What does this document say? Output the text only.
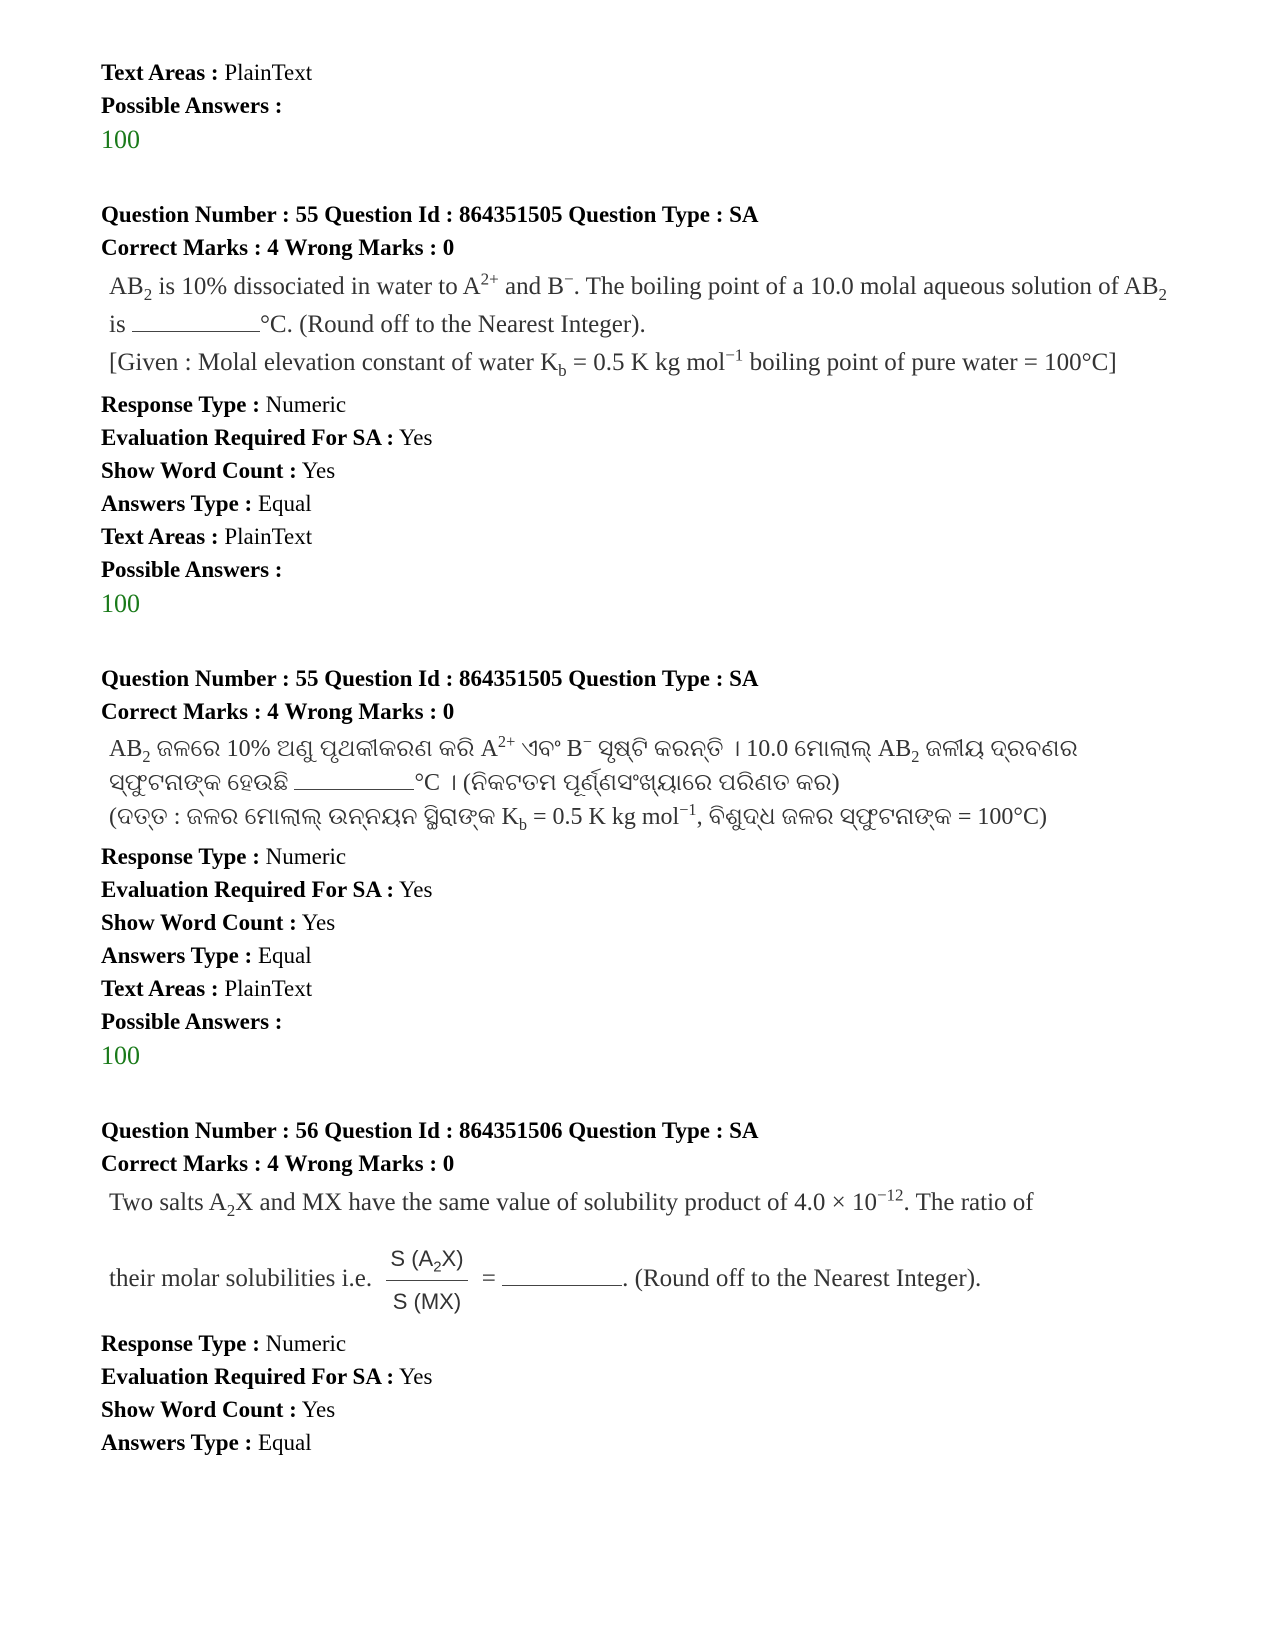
Text Areas : PlainText
Possible Answers :
100
Question Number : 55 Question Id : 864351505 Question Type : SA
Correct Marks : 4 Wrong Marks : 0
$AB_2$ is 10% dissociated in water to $A^{2+}$ and B−. The boiling point of a 10.0 molal aqueous solution of $AB_2$ is	°C. (Round off to the Nearest Integer).
[Given : Molal elevation constant of water $K_b = 0.5$ K kg mol$^{-1}$ boiling point of pure water = 100°C]
Response Type : Numeric
Evaluation Required For SA : Yes
Show Word Count : Yes
Answers Type : Equal
Text Areas : PlainText
Possible Answers :
100
Question Number : 55 Question Id : 864351505 Question Type : SA
Correct Marks : 4 Wrong Marks : 0
$AB_2$ ଜଳରେ 10% ଅଣୁ ପୃଥକୀକରଣ କରି $A^{2+}$ ଏବଂ B− ସୃଷ୍ଟି କରନ୍ତି । 10.0 ମୋଲାଲ୍ $AB_2$ ଜଳୀୟ ଦ୍ରବଣର ସ୍ଫୁଟନାଙ୍କ ହେଉଛି	°C । (ନିକଟତମ ପୂର୍ଣ୍ଣସଂଖ୍ୟାରେ ପରିଣତ କର)
(ଦତ୍ତ : ଜଳର ମୋଲାଲ୍ ଉନ୍ନୟନ ସ୍ଥିରାଙ୍କ $K_b = 0.5$ K kg mol$^{-1}$, ବିଶୁଦ୍ଧ ଜଳର ସ୍ଫୁଟନାଙ୍କ = 100°C)
Response Type : Numeric
Evaluation Required For SA : Yes
Show Word Count : Yes
Answers Type : Equal
Text Areas : PlainText
Possible Answers :
100
Question Number : 56 Question Id : 864351506 Question Type : SA
Correct Marks : 4 Wrong Marks : 0
Two salts $A_2X$ and MX have the same value of solubility product of $4.0 \times 10^{-12}$. The ratio of
their molar solubilities i.e. $\frac{S (A_2X)}{S (MX)}$ =	. (Round off to the Nearest Integer).
Response Type : Numeric
Evaluation Required For SA : Yes
Show Word Count : Yes
Answers Type : Equal
